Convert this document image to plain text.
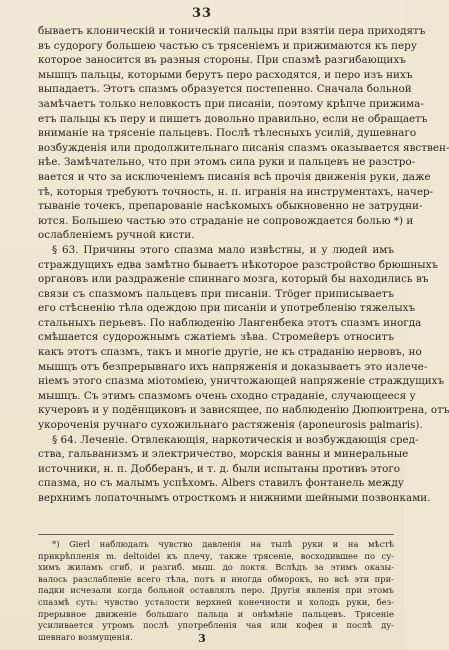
33
бываетъ клоническій и тоническій пальцы при взятіи пера приходятъ
въ судорогу большею частью съ трясеніемъ и прижимаются къ перу
которое заносится въ разныя стороны. При спазмѣ разгибающихъ
мышцъ пальцы, которыми берутъ перо расходятся, и перо изъ нихъ
выпадаетъ. Этотъ спазмъ образуется постепенно. Сначала больной
замѣчаетъ только неловкость при писаніи, поэтому крѣпче прижима-
етъ пальцы къ перу и пишетъ довольно правильно, если не обращаетъ
вниманіе на трясеніе пальцевъ. Послѣ тѣлесныхъ усилій, душевнаго
возбужденія или продолжительнаго писанія спазмъ оказывается явствен-
нѣе. Замѣчательно, что при этомъ сила руки и пальцевъ не разстро-
вается и что за исключеніемъ писанія всѣ прочія движенія руки, даже
тѣ, которыя требуютъ точность, н. п. игранія на инструментахъ, начер-
тываніе точекъ, препарованіе насѣкомыхъ обыкновенно не затрудни-
ются. Большею частью это страданіе не сопровождается болью *) и
ослабленіемъ ручной кисти.
§ 63. Причины этого спазма мало извѣстны, и у людей имъ
страждущихъ едва замѣтно бываетъ нѣкоторое разстройство брюшныхъ
органовъ или раздраженіе спиннаго мозга, который бы находились въ
связи съ спазмомъ пальцевъ при писаніи. Tröger приписываетъ
его стѣсненію тѣла одеждою при писаніи и употребленію тяжелыхъ
стальныхъ перьевъ. По наблюденію Лангенбека этотъ спазмъ иногда
смѣшается судорожнымъ сжатіемъ зѣва. Стромейеръ относитъ
какъ этотъ спазмъ, такъ и многіе другіе, не къ страданію нервовъ, но
мышцъ отъ безпрерывнаго ихъ напряженія и доказываетъ это излече-
ніемъ этого спазма міотоміею, уничтожающей напряженіе страждущихъ
мышцъ. Съ этимъ спазмомъ очень сходно страданіе, случающееся у
кучеровъ и у подёнщиковъ и зависящее, по наблюденію Дюпюитрена, отъ
укороченія ручнаго сухожильнаго растяженія (aponeurosis palmaris).
§ 64. Леченіе. Отвлекающія, наркотическія и возбуждающія сред-
ства, гальванизмъ и электричество, морскія ванны и минеральные
источники, н. п. Добберанъ, и т. д. были испытаны противъ этого
спазма, но съ малымъ успѣхомъ. Albers ставилъ фонтанель между
верхнимъ лопаточнымъ отросткомъ и нижними шейными позвонками.
*) Gierl наблюдалъ чувство давленія на тылѣ руки и на мѣстѣ
прикрѣпленія m. deltoidei къ плечу, также трясеніе, восходившее по су-
химъ жиламъ сгиб. и разгиб. мыш. до локтя. Вслѣдъ за этимъ оказы-
валось разслабленіе всего тѣла, потъ и иногда обморокъ, но всѣ эти при-
падки исчезали когда больной оставлялъ перо. Другія явленія при этомъ
спазмѣ суть: чувство усталости верхней конечности и холодъ руки, без-
прерывное движеніе большаго пальца и онѣмѣніе пальцевъ. Трясеніе
усиливается утромъ послѣ употребленія чая или кофея и послѣ ду-
шевнаго возмущенія.	3
